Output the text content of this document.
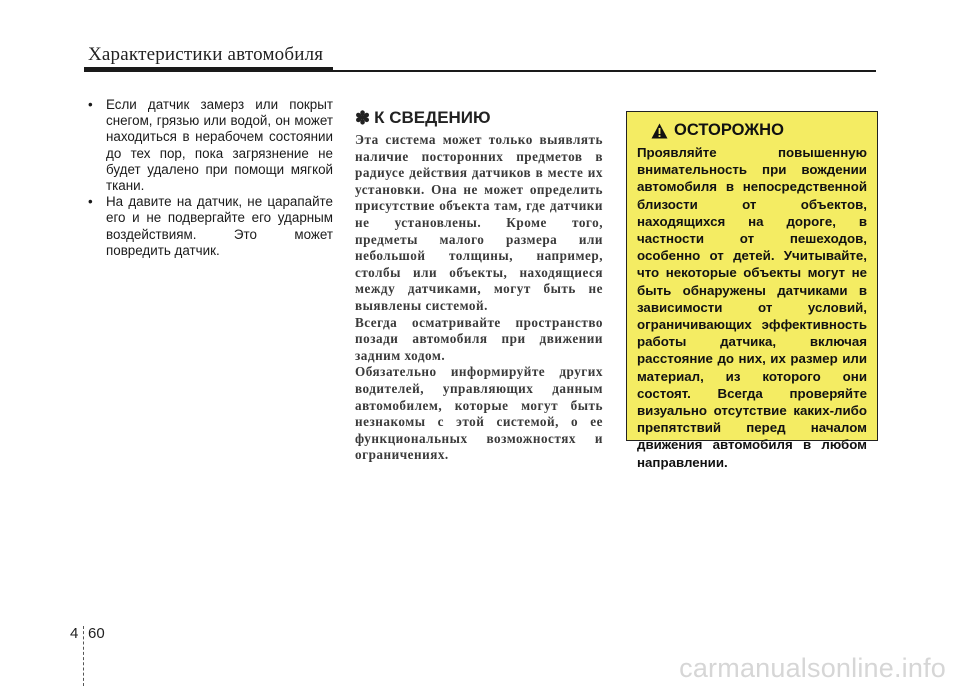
Характеристики автомобиля
• Если датчик замерз или покрыт снегом, грязью или водой, он может находиться в нерабочем состоянии до тех пор, пока загрязнение не будет удалено при помощи мягкой ткани.
• На давите на датчик, не царапайте его и не подвергайте его ударным воздействиям. Это может повредить датчик.
✽ К СВЕДЕНИЮ

Эта система может только выявлять наличие посторонних предметов в радиусе действия датчиков в месте их установки. Она не может определить присутствие объекта там, где датчики не установлены. Кроме того, предметы малого размера или небольшой толщины, например, столбы или объекты, находящиеся между датчиками, могут быть не выявлены системой.

Всегда осматривайте пространство позади автомобиля при движении задним ходом.

Обязательно информируйте других водителей, управляющих данным автомобилем, которые могут быть незнакомы с этой системой, о ее функциональных возможностях и ограничениях.

ОСТОРОЖНО
Проявляйте повышенную внимательность при вождении автомобиля в непосредственной близости от объектов, находящихся на дороге, в частности от пешеходов, особенно от детей. Учитывайте, что некоторые объекты могут не быть обнаружены датчиками в зависимости от условий, ограничивающих эффективность работы датчика, включая расстояние до них, их размер или материал, из которого они состоят. Всегда проверяйте визуально отсутствие каких-либо препятствий перед началом движения автомобиля в любом направлении.
4 60
carmanualsonline.info
